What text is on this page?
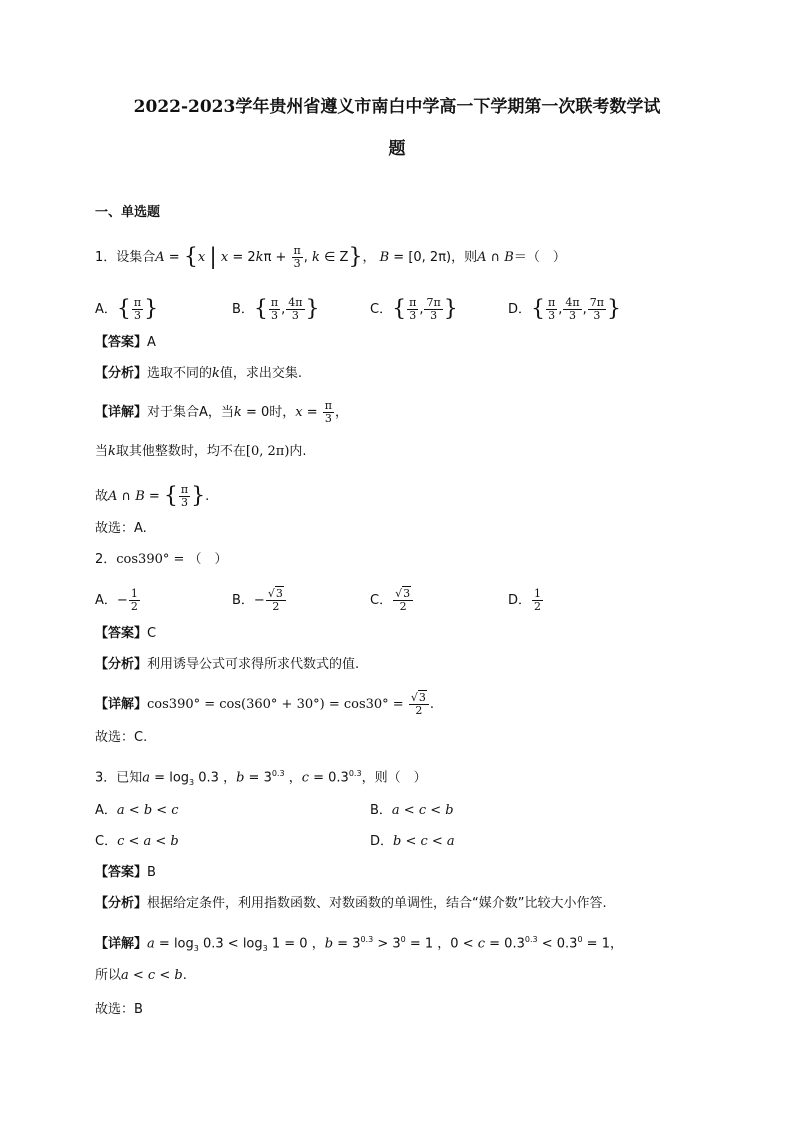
2022-2023学年贵州省遵义市南白中学高一下学期第一次联考数学试
题
一、单选题
1．设集合A = {x | $x = 2k\pi + \frac{\pi}{3}$ , k ∈ Z}， B = [0, 2π)，则A ∩ B＝（　）
A．{ $\frac{\pi}{3}$ }	B．{ $\frac{\pi}{3}$ , $\frac{4\pi}{3}$ }	C．{ $\frac{\pi}{3}$ , $\frac{7\pi}{3}$ }	D．{ $\frac{\pi}{3}$ , $\frac{4\pi}{3}$ , $\frac{7\pi}{3}$ }
【答案】A
【分析】选取不同的k值，求出交集.
【详解】对于集合A，当k = 0时，$x = \frac{\pi}{3}$ ，
当k取其他整数时，均不在[0, 2π)内.
故A ∩ B = { $\frac{\pi}{3}$ }.
故选：A.
2．cos390° = （　）
A．− $\frac{1}{2}$	B．− $\frac{√3}{2}$	C． $\frac{√3}{2}$	D． $\frac{1}{2}$
【答案】C
【分析】利用诱导公式可求得所求代数式的值.
【详解】$\cos 390^\circ = \cos(360^\circ + 30^\circ) = \cos 30^\circ = \frac{√3}{2}$ .
故选：C.
3．已知$a = \log_3 0.3$ ，$b = 3^{0.3}$ ，$c = 0.3^{0.3}$，则（　）
A．a < b < c	B．a < c < b
C．c < a < b	D．b < c < a
【答案】B
【分析】根据给定条件，利用指数函数、对数函数的单调性，结合“媒介数”比较大小作答.
【详解】$a = \log_3 0.3 < \log_3 1 = 0$ ，$b = 3^{0.3} > 3^0 = 1$ ，$0 < c = 0.3^{0.3} < 0.3^0 = 1$，
所以a < c < b.
故选：B
